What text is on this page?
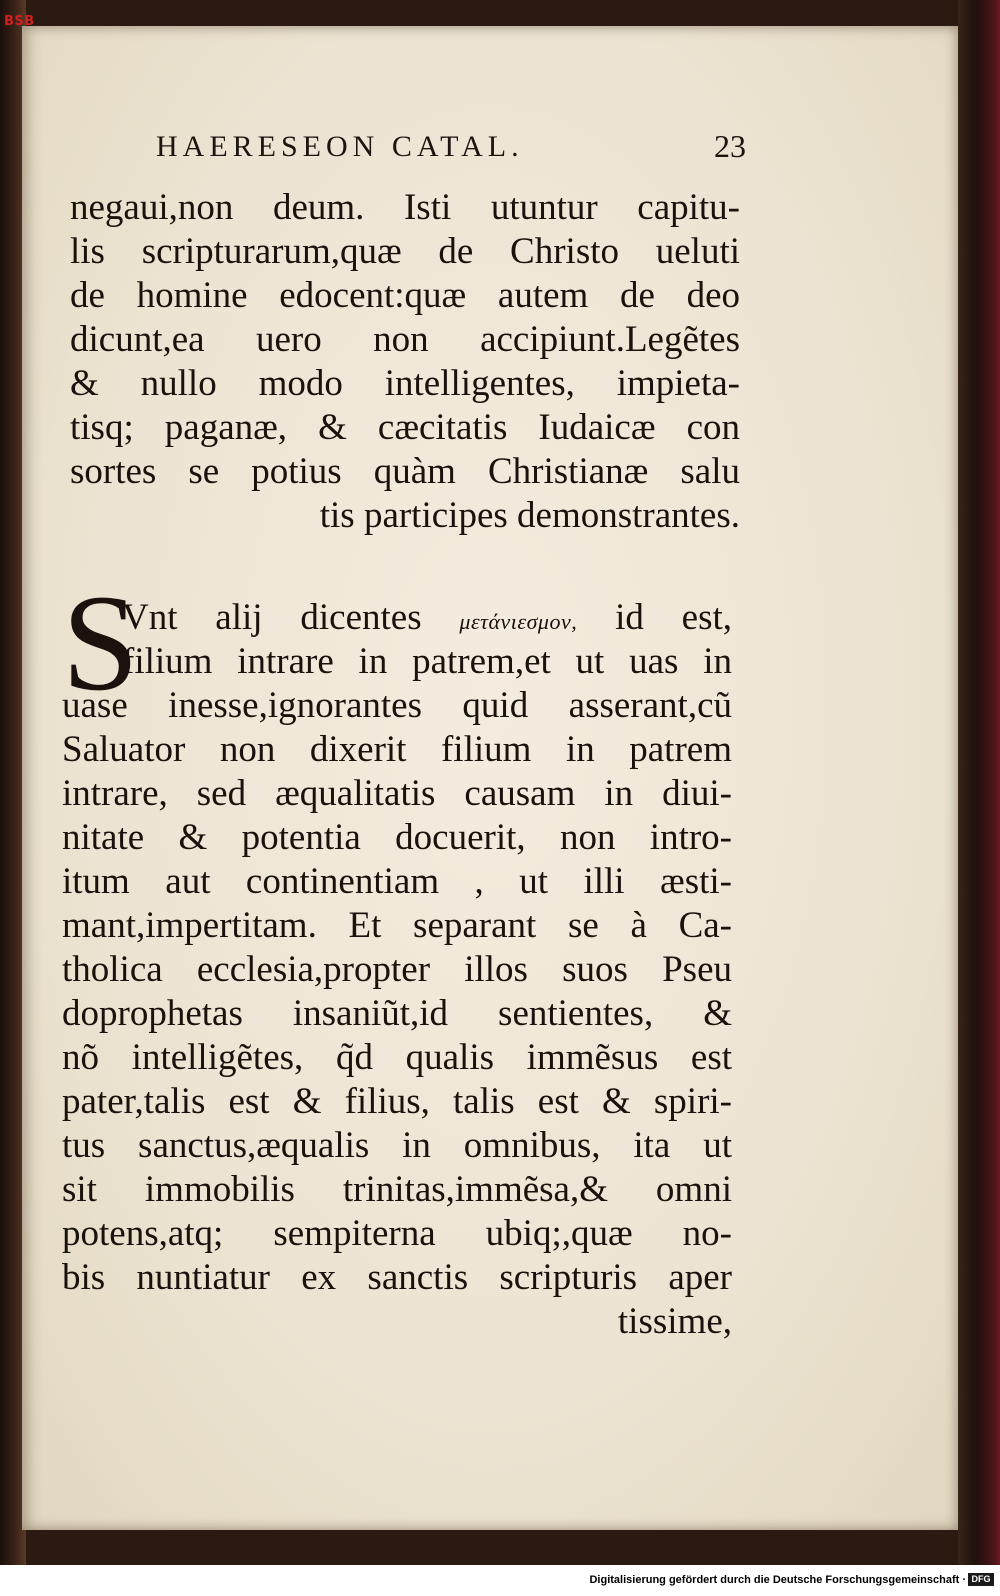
BSB
HAERESEON CATAL.	23
negaui,non deum. Isti utuntur capitu-
lis scripturarum,quæ de Christo ueluti
de homine edocent:quæ autem de deo
dicunt,ea uero non accipiunt.Legẽtes
& nullo modo intelligentes, impieta-
tisq; paganæ, & cæcitatis Iudaicæ con
sortes se potius quàm Christianæ salu
tis participes demonstrantes.
S
Vnt alij dicentes μετάνιεσμον, id est,
filium intrare in patrem,et ut uas in
uase inesse,ignorantes quid asserant,cũ
Saluator non dixerit filium in patrem
intrare, sed æqualitatis causam in diui-
nitate & potentia docuerit, non intro-
itum aut continentiam , ut illi æsti-
mant,impertitam. Et separant se à Ca-
tholica ecclesia,propter illos suos Pseu
doprophetas insaniũt,id sentientes, &
nõ intelligẽtes, q̃d qualis immẽsus est
pater,talis est & filius, talis est & spiri-
tus sanctus,æqualis in omnibus, ita ut
sit immobilis trinitas,immẽsa,& omni
potens,atq; sempiterna ubiq;,quæ no-
bis nuntiatur ex sanctis scripturis aper
tissime,
Digitalisierung gefördert durch die Deutsche Forschungsgemeinschaft · DFG
